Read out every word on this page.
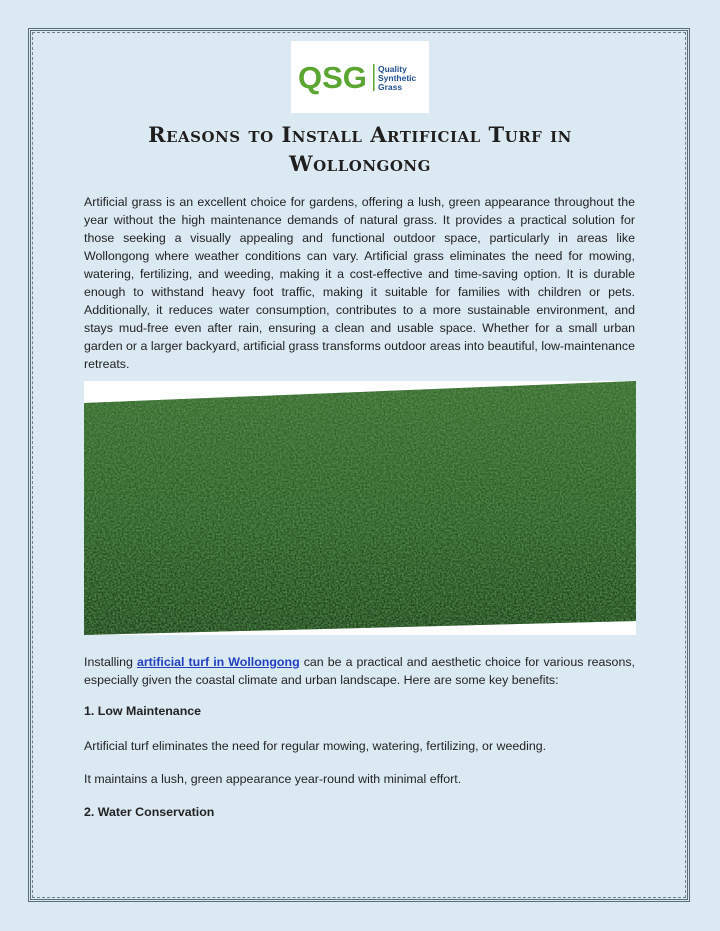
QSG Quality
Synthetic
Grass
Reasons to Install Artificial Turf in Wollongong
Artificial grass is an excellent choice for gardens, offering a lush, green appearance throughout the year without the high maintenance demands of natural grass. It provides a practical solution for those seeking a visually appealing and functional outdoor space, particularly in areas like Wollongong where weather conditions can vary. Artificial grass eliminates the need for mowing, watering, fertilizing, and weeding, making it a cost-effective and time-saving option. It is durable enough to withstand heavy foot traffic, making it suitable for families with children or pets. Additionally, it reduces water consumption, contributes to a more sustainable environment, and stays mud-free even after rain, ensuring a clean and usable space. Whether for a small urban garden or a larger backyard, artificial grass transforms outdoor areas into beautiful, low-maintenance retreats.
Installing artificial turf in Wollongong can be a practical and aesthetic choice for various reasons, especially given the coastal climate and urban landscape. Here are some key benefits:
1. Low Maintenance
Artificial turf eliminates the need for regular mowing, watering, fertilizing, or weeding.
It maintains a lush, green appearance year-round with minimal effort.
2. Water Conservation
